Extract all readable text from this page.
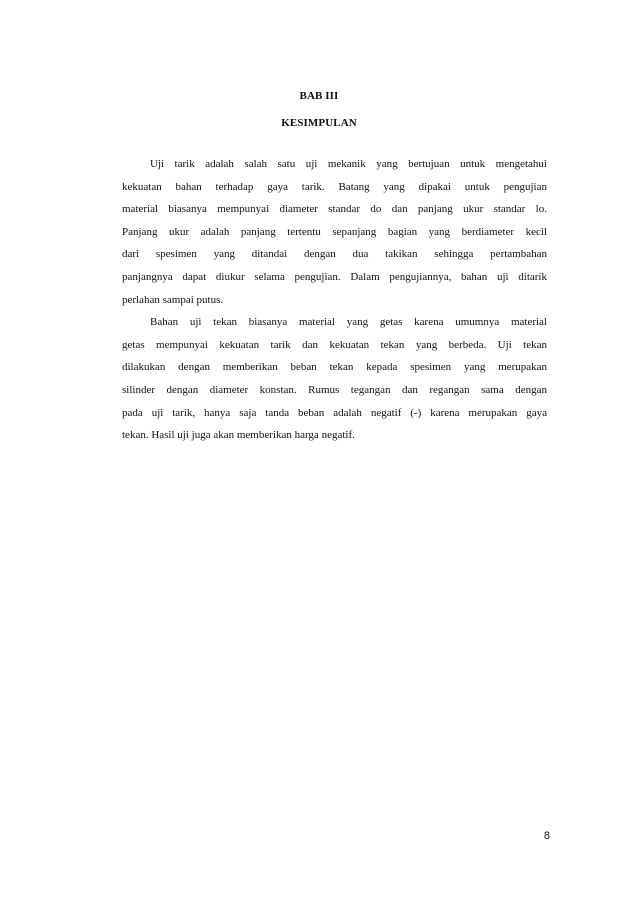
BAB III
KESIMPULAN

Uji tarik adalah salah satu uji mekanik yang bertujuan untuk mengetahui
kekuatan bahan terhadap gaya tarik. Batang yang dipakai untuk pengujian
material biasanya mempunyai diameter standar do dan panjang ukur standar lo.
Panjang ukur adalah panjang tertentu sepanjang bagian yang berdiameter kecil
dari spesimen yang ditandai dengan dua takikan sehingga pertambahan
panjangnya dapat diukur selama pengujian. Dalam pengujiannya, bahan uji ditarik
perlahan sampai putus.

Bahan uji tekan biasanya material yang getas karena umumnya material
getas mempunyai kekuatan tarik dan kekuatan tekan yang berbeda. Uji tekan
dilakukan dengan memberikan beban tekan kepada spesimen yang merupakan
silinder dengan diameter konstan. Rumus tegangan dan regangan sama dengan
pada uji tarik, hanya saja tanda beban adalah negatif (-) karena merupakan gaya
tekan. Hasil uji juga akan memberikan harga negatif.

8
